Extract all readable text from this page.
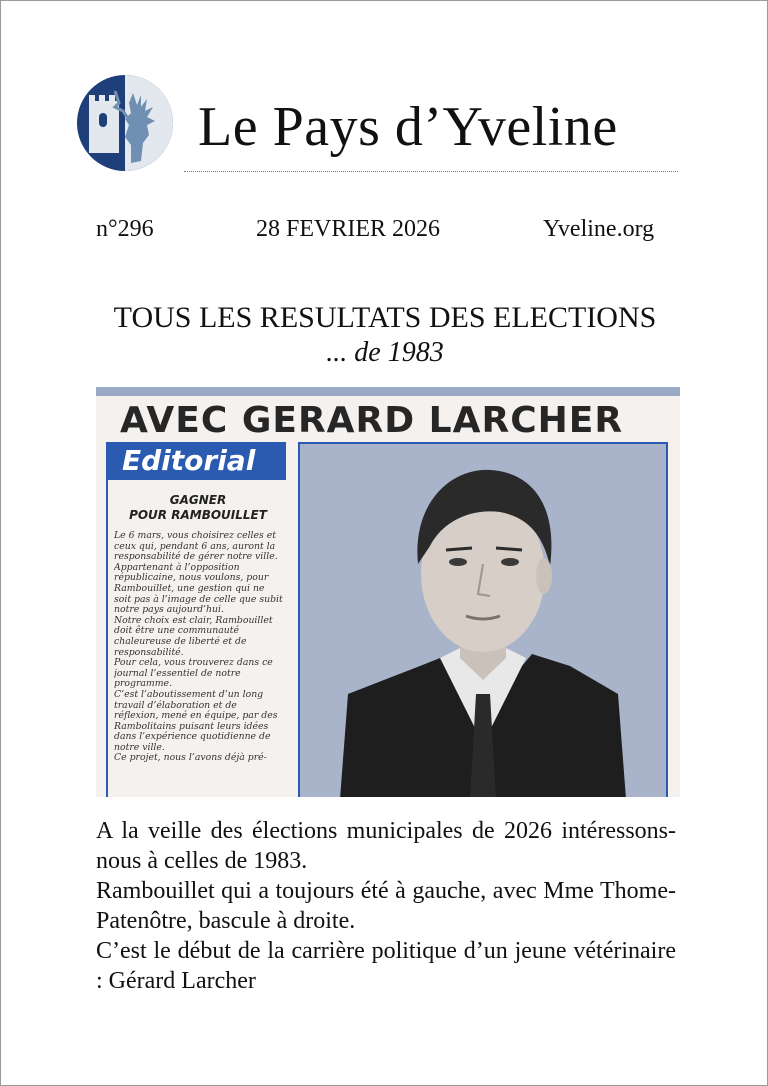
Le Pays d’Yveline
n°296	28 FEVRIER 2026	Yveline.org
TOUS LES RESULTATS DES ELECTIONS
... de 1983
AVEC GERARD LARCHER
Editorial
GAGNER
POUR RAMBOUILLET

Le 6 mars, vous choisirez celles et ceux qui, pendant 6 ans, auront la responsabilité de gérer notre ville.

Appartenant à l’opposition républicaine, nous voulons, pour Rambouillet, une gestion qui ne soit pas à l’image de celle que subit notre pays aujourd’hui.

Notre choix est clair, Rambouillet doit être une communauté chaleureuse de liberté et de responsabilité.

Pour cela, vous trouverez dans ce journal l’essentiel de notre programme.

C’est l’aboutissement d’un long travail d’élaboration et de réflexion, mené en équipe, par des Rambolitains puisant leurs idées dans l’expérience quotidienne de notre ville.

Ce projet, nous l’avons déjà pré-

A la veille des élections municipales de 2026 intéressons-nous à celles de 1983.

Rambouillet qui a toujours été à gauche, avec Mme Thome-Patenôtre, bascule à droite.

C’est le début de la carrière politique d’un jeune vétérinaire : Gérard Larcher
